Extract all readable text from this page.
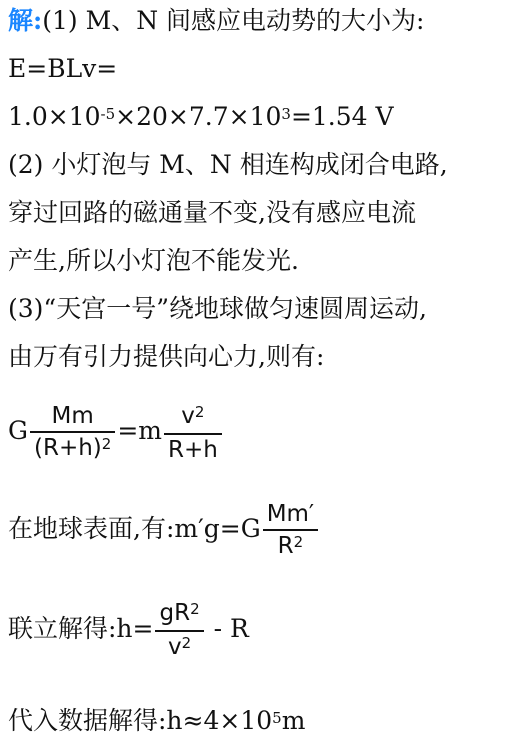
解:(1) M、N 间感应电动势的大小为:
E=BLv=
$1.0\times 10^{-5}\times 20\times 7.7\times 10^3=1.54$ V
(2) 小灯泡与 M、N 相连构成闭合电路,
穿过回路的磁通量不变,没有感应电流
产生,所以小灯泡不能发光.
(3)“天宫一号”绕地球做匀速圆周运动,
由万有引力提供向心力,则有:
G $\frac{Mm}{(R+h)^2} =m \frac{v^2}{R+h}$
在地球表面,有:m′g=G $\frac{Mm'}{R^2}$
联立解得:h= $\frac{gR^2}{v^2}$ - R
代入数据解得$:h\approx 4\times 10^5m$
